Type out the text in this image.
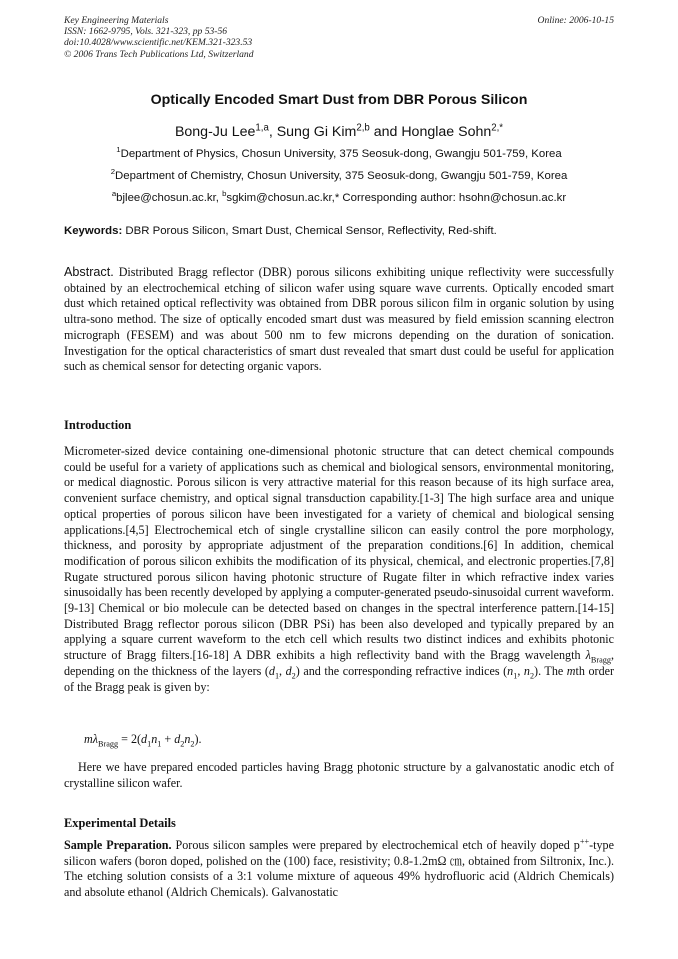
Key Engineering Materials
ISSN: 1662-9795, Vols. 321-323, pp 53-56
doi:10.4028/www.scientific.net/KEM.321-323.53
© 2006 Trans Tech Publications Ltd, Switzerland
Online: 2006-10-15
Optically Encoded Smart Dust from DBR Porous Silicon
Bong-Ju Lee$^{1,a}$, Sung Gi Kim$^{2,b}$ and Honglae Sohn$^{2,*}$
$^1$Department of Physics, Chosun University, 375 Seosuk-dong, Gwangju 501-759, Korea
$^2$Department of Chemistry, Chosun University, 375 Seosuk-dong, Gwangju 501-759, Korea
$^a$bjlee@chosun.ac.kr, $^b$sgkim@chosun.ac.kr,* Corresponding author: hsohn@chosun.ac.kr
Keywords: DBR Porous Silicon, Smart Dust, Chemical Sensor, Reflectivity, Red-shift.
Abstract. Distributed Bragg reflector (DBR) porous silicons exhibiting unique reflectivity were successfully obtained by an electrochemical etching of silicon wafer using square wave currents. Optically encoded smart dust which retained optical reflectivity was obtained from DBR porous silicon film in organic solution by using ultra-sono method. The size of optically encoded smart dust was measured by field emission scanning electron micrograph (FESEM) and was about 500 nm to few microns depending on the duration of sonication. Investigation for the optical characteristics of smart dust revealed that smart dust could be useful for application such as chemical sensor for detecting organic vapors.
Introduction
Micrometer-sized device containing one-dimensional photonic structure that can detect chemical compounds could be useful for a variety of applications such as chemical and biological sensors, environmental monitoring, or medical diagnostic. Porous silicon is very attractive material for this reason because of its high surface area, convenient surface chemistry, and optical signal transduction capability.[1-3] The high surface area and unique optical properties of porous silicon have been investigated for a variety of chemical and biological sensing applications.[4,5] Electrochemical etch of single crystalline silicon can easily control the pore morphology, thickness, and porosity by appropriate adjustment of the preparation conditions.[6] In addition, chemical modification of porous silicon exhibits the modification of its physical, chemical, and electronic properties.[7,8] Rugate structured porous silicon having photonic structure of Rugate filter in which refractive index varies sinusoidally has been recently developed by applying a computer-generated pseudo-sinusoidal current waveform.[9-13] Chemical or bio molecule can be detected based on changes in the spectral interference pattern.[14-15] Distributed Bragg reflector porous silicon (DBR PSi) has been also developed and typically prepared by an applying a square current waveform to the etch cell which results two distinct indices and exhibits photonic structure of Bragg filters.[16-18] A DBR exhibits a high reflectivity band with the Bragg wavelength $\lambda_{Bragg}$, depending on the thickness of the layers ($d_1$, $d_2$) and the corresponding refractive indices ($n_1$, $n_2$). The mth order of the Bragg peak is given by:
$m\lambda_{Bragg} = 2(d_1n_1 + d_2n_2)$.
Here we have prepared encoded particles having Bragg photonic structure by a galvanostatic anodic etch of crystalline silicon wafer.
Experimental Details
Sample Preparation. Porous silicon samples were prepared by electrochemical etch of heavily doped p++-type silicon wafers (boron doped, polished on the (100) face, resistivity; 0.8-1.2mΩ ㎝, obtained from Siltronix, Inc.). The etching solution consists of a 3:1 volume mixture of aqueous 49% hydrofluoric acid (Aldrich Chemicals) and absolute ethanol (Aldrich Chemicals). Galvanostatic
